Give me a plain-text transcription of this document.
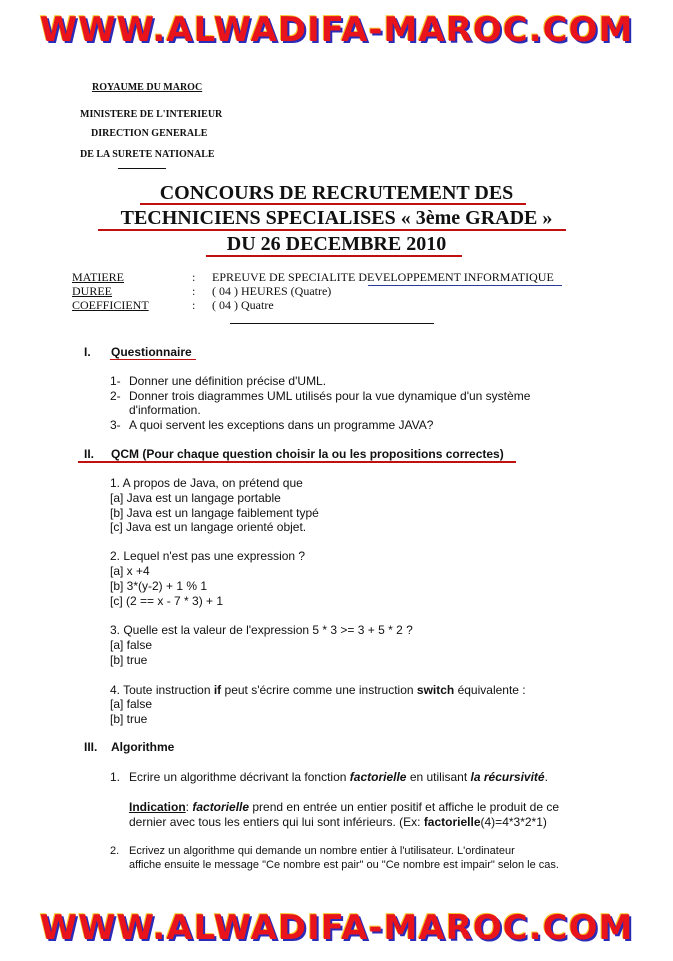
WWW.ALWADIFA-MAROC.COM
ROYAUME DU MAROC
MINISTERE DE L'INTERIEUR
DIRECTION GENERALE
DE LA SURETE NATIONALE
CONCOURS DE RECRUTEMENT DES
TECHNICIENS SPECIALISES « 3ème GRADE »
DU 26 DECEMBRE 2010
MATIERE	: EPREUVE DE SPECIALITE DEVELOPPEMENT INFORMATIQUE
DUREE	: ( 04 ) HEURES (Quatre)
COEFFICIENT	: ( 04 ) Quatre
I. Questionnaire
1- Donner une définition précise d'UML.
2- Donner trois diagrammes UML utilisés pour la vue dynamique d'un système
d'information.
3- A quoi servent les exceptions dans un programme JAVA?
II. QCM (Pour chaque question choisir la ou les propositions correctes)
1. A propos de Java, on prétend que
[a] Java est un langage portable
[b] Java est un langage faiblement typé
[c] Java est un langage orienté objet.
2. Lequel n'est pas une expression ?
[a] x +4
[b] 3*(y-2) + 1 % 1
[c] (2 == x - 7 * 3) + 1
3. Quelle est la valeur de l'expression 5 * 3 >= 3 + 5 * 2 ?
[a] false
[b] true
4. Toute instruction if peut s'écrire comme une instruction switch équivalente :
[a] false
[b] true
III. Algorithme
1. Ecrire un algorithme décrivant la fonction factorielle en utilisant la récursivité.
Indication: factorielle prend en entrée un entier positif et affiche le produit de ce
dernier avec tous les entiers qui lui sont inférieurs. (Ex: factorielle(4)=4*3*2*1)
2. Ecrivez un algorithme qui demande un nombre entier à l'utilisateur. L'ordinateur
affiche ensuite le message "Ce nombre est pair" ou "Ce nombre est impair" selon le cas.
WWW.ALWADIFA-MAROC.COM
